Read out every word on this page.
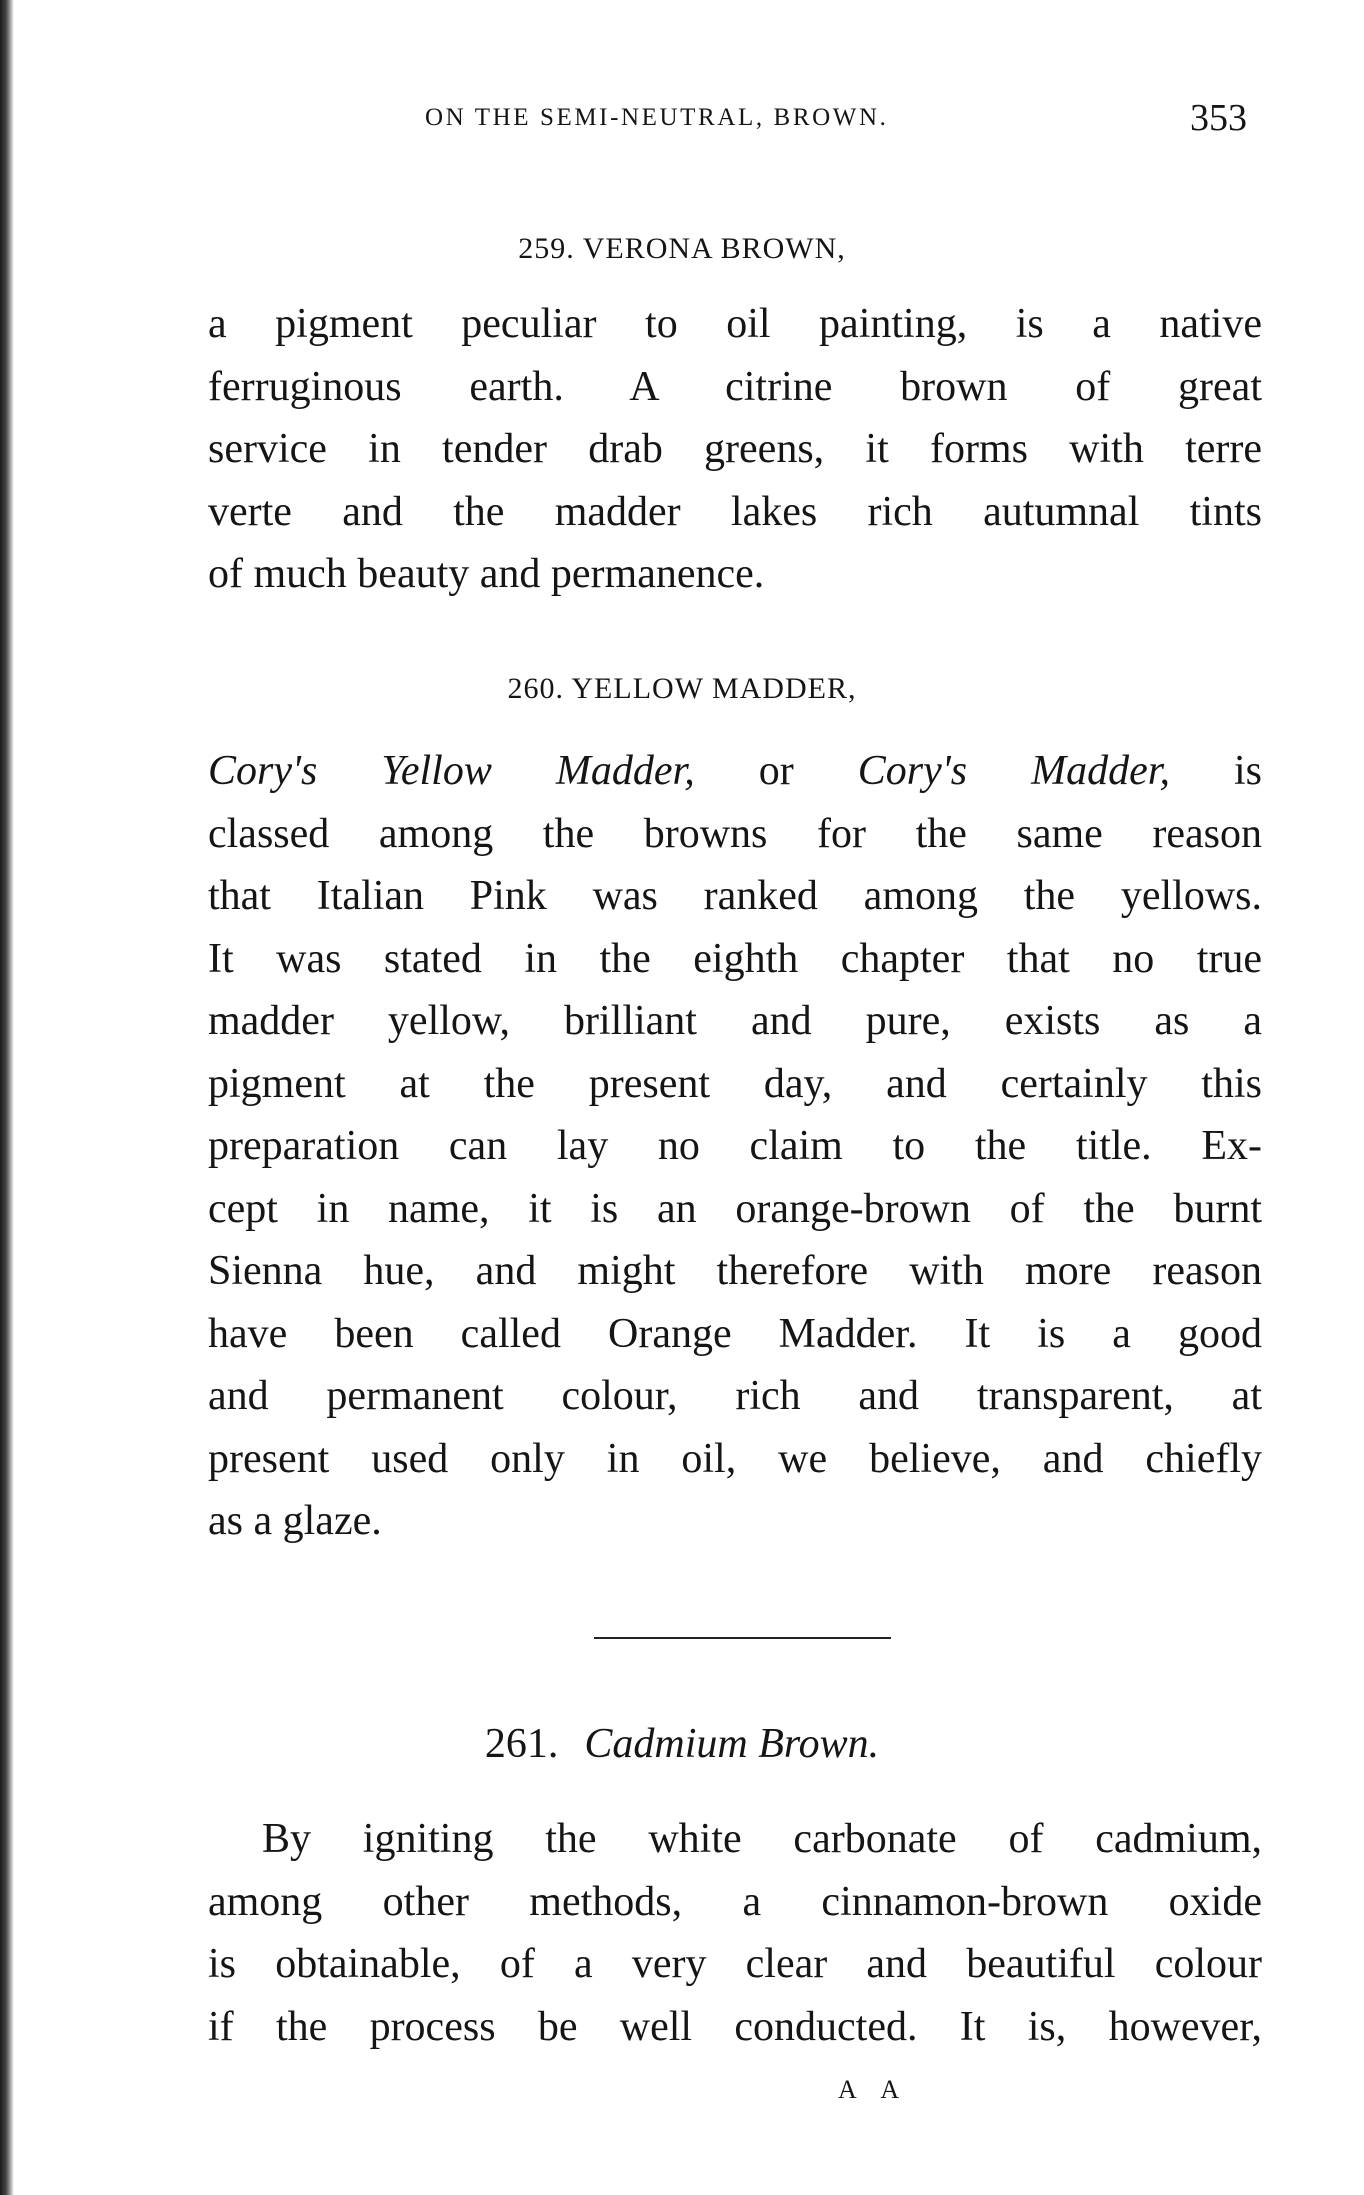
ON THE SEMI-NEUTRAL, BROWN.	353
259. VERONA BROWN,
a pigment peculiar to oil painting, is a native
ferruginous earth. A citrine brown of great
service in tender drab greens, it forms with terre
verte and the madder lakes rich autumnal tints
of much beauty and permanence.
260. YELLOW MADDER,
Cory's Yellow Madder, or Cory's Madder, is
classed among the browns for the same reason
that Italian Pink was ranked among the yellows.
It was stated in the eighth chapter that no true
madder yellow, brilliant and pure, exists as a
pigment at the present day, and certainly this
preparation can lay no claim to the title. Ex-
cept in name, it is an orange-brown of the burnt
Sienna hue, and might therefore with more reason
have been called Orange Madder. It is a good
and permanent colour, rich and transparent, at
present used only in oil, we believe, and chiefly
as a glaze.
261. Cadmium Brown.
By igniting the white carbonate of cadmium,
among other methods, a cinnamon-brown oxide
is obtainable, of a very clear and beautiful colour
if the process be well conducted. It is, however,
A A
